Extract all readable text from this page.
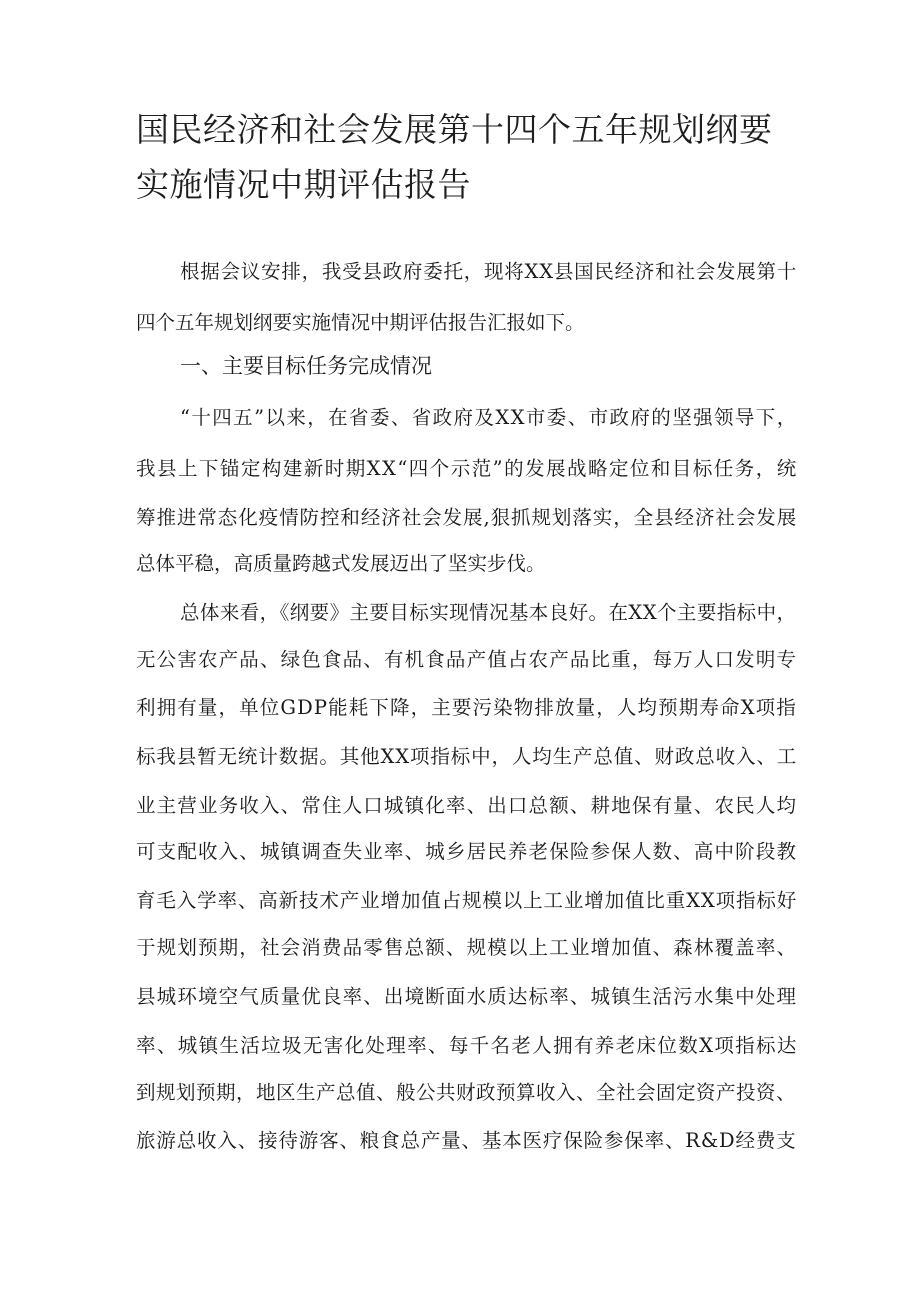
国民经济和社会发展第十四个五年规划纲要
实施情况中期评估报告
根据会议安排，我受县政府委托，现将XX县国民经济和社会发展第十
四个五年规划纲要实施情况中期评估报告汇报如下。
一、主要目标任务完成情况
“十四五”以来，在省委、省政府及XX市委、市政府的坚强领导下，
我县上下锚定构建新时期XX“四个示范”的发展战略定位和目标任务，统
筹推进常态化疫情防控和经济社会发展,狠抓规划落实，全县经济社会发展
总体平稳，高质量跨越式发展迈出了坚实步伐。
总体来看，《纲要》主要目标实现情况基本良好。在XX个主要指标中，
无公害农产品、绿色食品、有机食品产值占农产品比重，每万人口发明专
利拥有量，单位GDP能耗下降，主要污染物排放量，人均预期寿命X项指
标我县暂无统计数据。其他XX项指标中，人均生产总值、财政总收入、工
业主营业务收入、常住人口城镇化率、出口总额、耕地保有量、农民人均
可支配收入、城镇调查失业率、城乡居民养老保险参保人数、高中阶段教
育毛入学率、高新技术产业增加值占规模以上工业增加值比重XX项指标好
于规划预期，社会消费品零售总额、规模以上工业增加值、森林覆盖率、
县城环境空气质量优良率、出境断面水质达标率、城镇生活污水集中处理
率、城镇生活垃圾无害化处理率、每千名老人拥有养老床位数X项指标达
到规划预期，地区生产总值、般公共财政预算收入、全社会固定资产投资、
旅游总收入、接待游客、粮食总产量、基本医疗保险参保率、R&D经费支
